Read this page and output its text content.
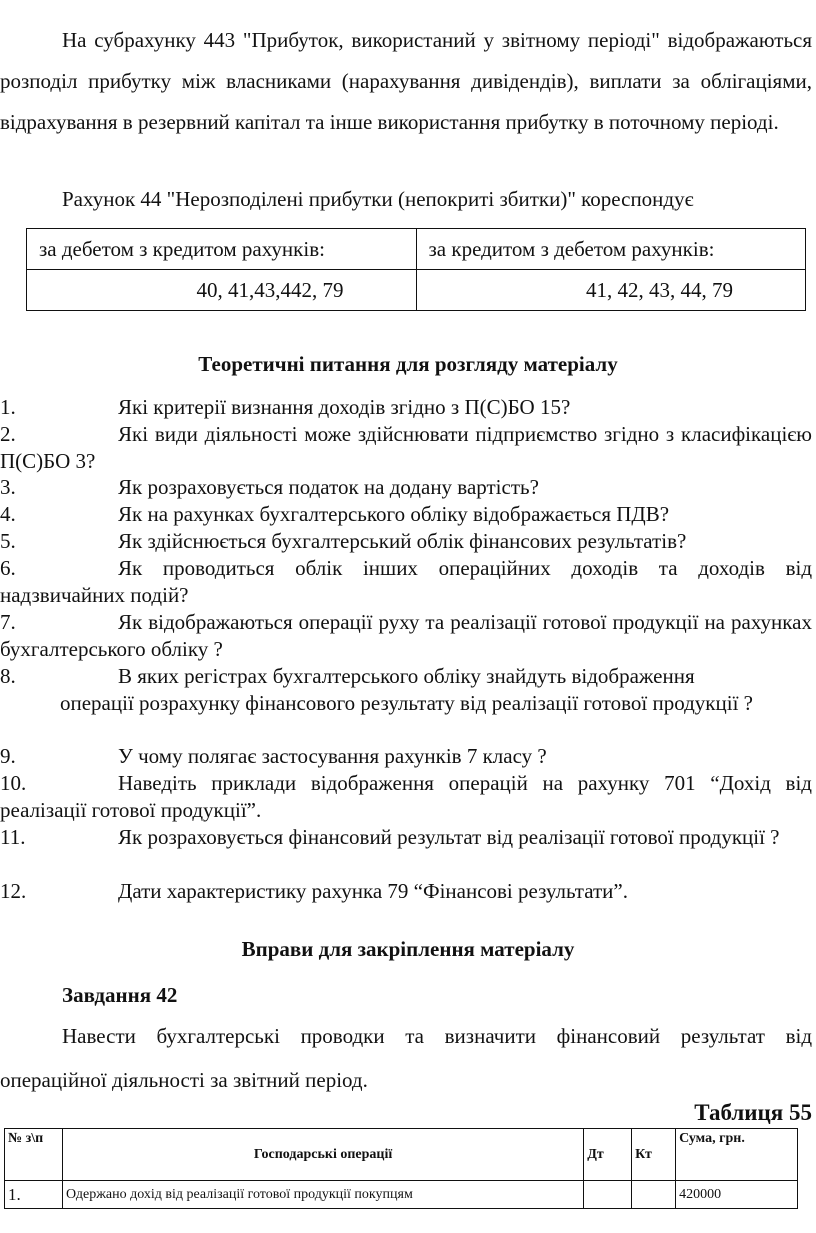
На субрахунку 443 "Прибуток, використаний у звітному періоді" відображаються розподіл прибутку між власниками (нарахування дивідендів), виплати за облігаціями, відрахування в резервний капітал та інше використання прибутку в поточному періоді.
Рахунок 44 "Нерозподілені прибутки (непокриті збитки)" кореспондує
за дебетом з кредитом рахунків:	за кредитом з дебетом рахунків:
40, 41,43,442, 79	41, 42, 43, 44, 79
Теоретичні питання для розгляду матеріалу
1.	Які критерії визнання доходів згідно з П(С)БО 15?
2.	Які види діяльності може здійснювати підприємство згідно з класифікацією П(С)БО 3?
3.	Як розраховується податок на додану вартість?
4.	Як на рахунках бухгалтерського обліку відображається ПДВ?
5.	Як здійснюється бухгалтерський облік фінансових результатів?
6.	Як проводиться облік інших операційних доходів та доходів від надзвичайних подій?
7.	Як відображаються операції руху та реалізації готової продукції на рахунках бухгалтерського обліку ?
8.	В яких регістрах бухгалтерського обліку знайдуть відображення
операції розрахунку фінансового результату від реалізації готової продукції ?
9.	У чому полягає застосування рахунків 7 класу ?
10.	Наведіть приклади відображення операцій на рахунку 701 “Дохід від реалізації готової продукції”.
11.	Як розраховується фінансовий результат від реалізації готової продукції ?
12.	Дати характеристику рахунка 79 “Фінансові результати”.
Вправи для закріплення матеріалу
Завдання 42
Навести бухгалтерські проводки та визначити фінансовий результат від операційної діяльності за звітний період.
Таблиця 55
№ з\п	Господарські операції	Дт	Кт	Сума, грн.
1.	Одержано дохід від реалізації готової продукції покупцям			420000
